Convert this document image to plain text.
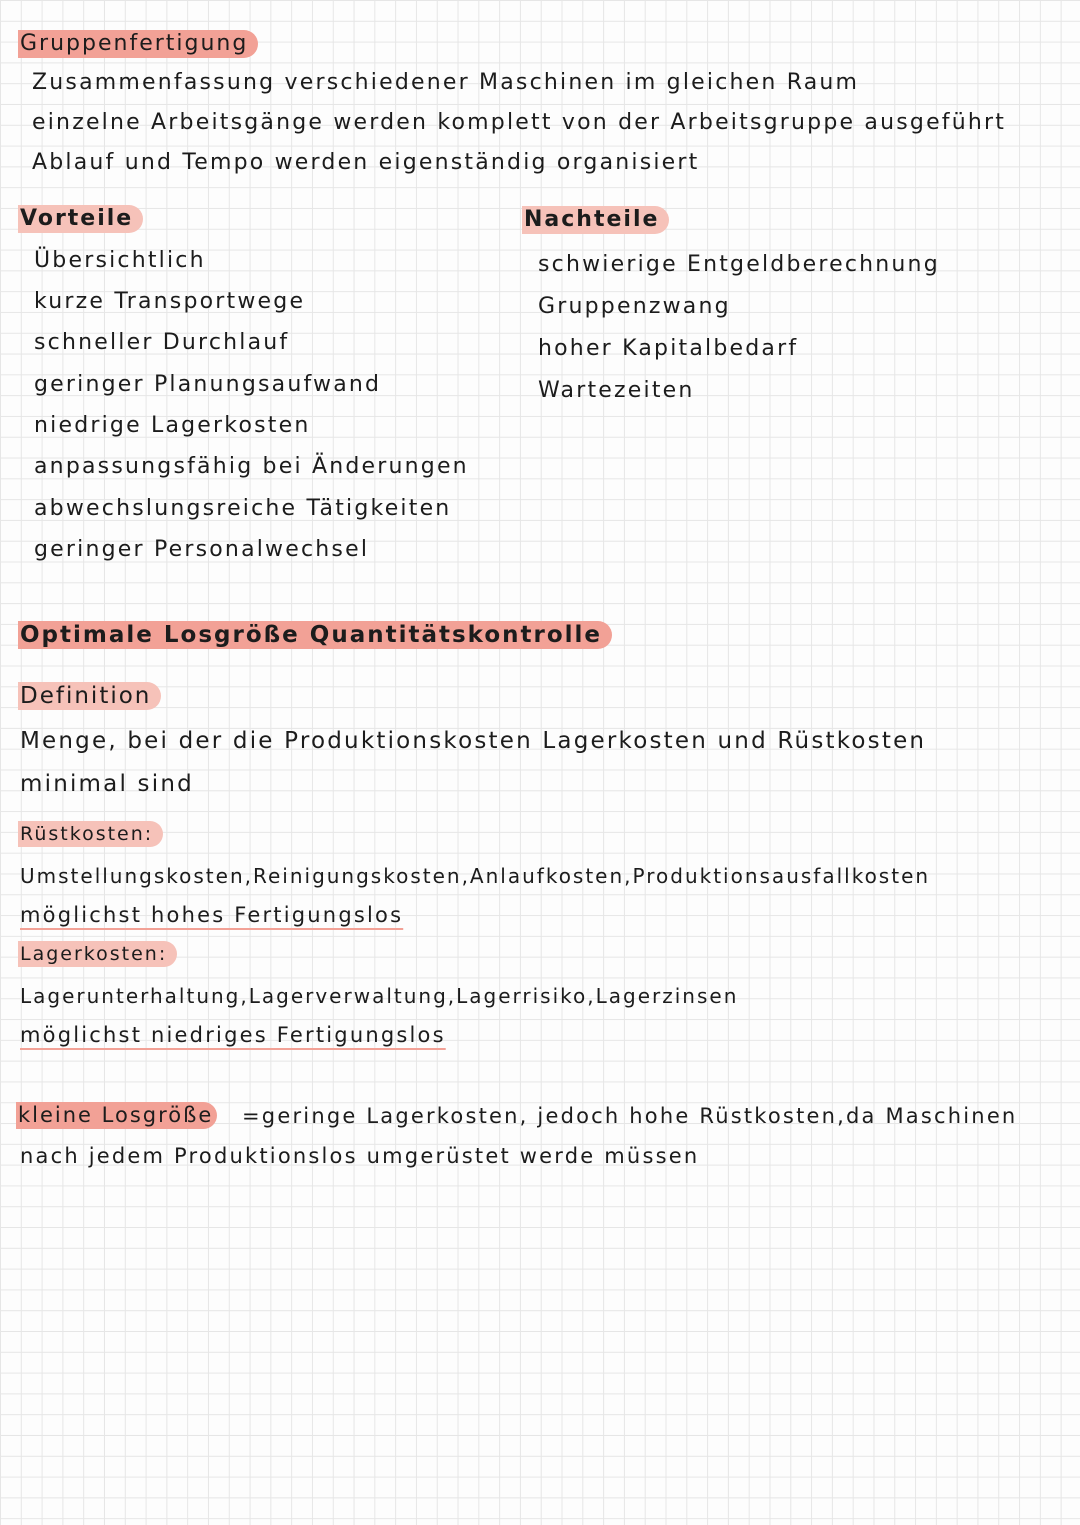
Gruppenfertigung
Zusammenfassung verschiedener Maschinen im gleichen Raum
einzelne Arbeitsgänge werden komplett von der Arbeitsgruppe ausgeführt
Ablauf und Tempo werden eigenständig organisiert
Vorteile
Übersichtlich
kurze Transportwege
schneller Durchlauf
geringer Planungsaufwand
niedrige Lagerkosten
anpassungsfähig bei Änderungen
abwechslungsreiche Tätigkeiten
geringer Personalwechsel
Nachteile
schwierige Entgeldberechnung
Gruppenzwang
hoher Kapitalbedarf
Wartezeiten
Optimale Losgröße Quantitätskontrolle
Definition
Menge, bei der die Produktionskosten Lagerkosten und Rüstkosten
minimal sind
Rüstkosten:
Umstellungskosten,Reinigungskosten,Anlaufkosten,Produktionsausfallkosten
möglichst hohes Fertigungslos
Lagerkosten:
Lagerunterhaltung,Lagerverwaltung,Lagerrisiko,Lagerzinsen
möglichst niedriges Fertigungslos
kleine Losgröße =geringe Lagerkosten, jedoch hohe Rüstkosten,da Maschinen
nach jedem Produktionslos umgerüstet werde müssen
